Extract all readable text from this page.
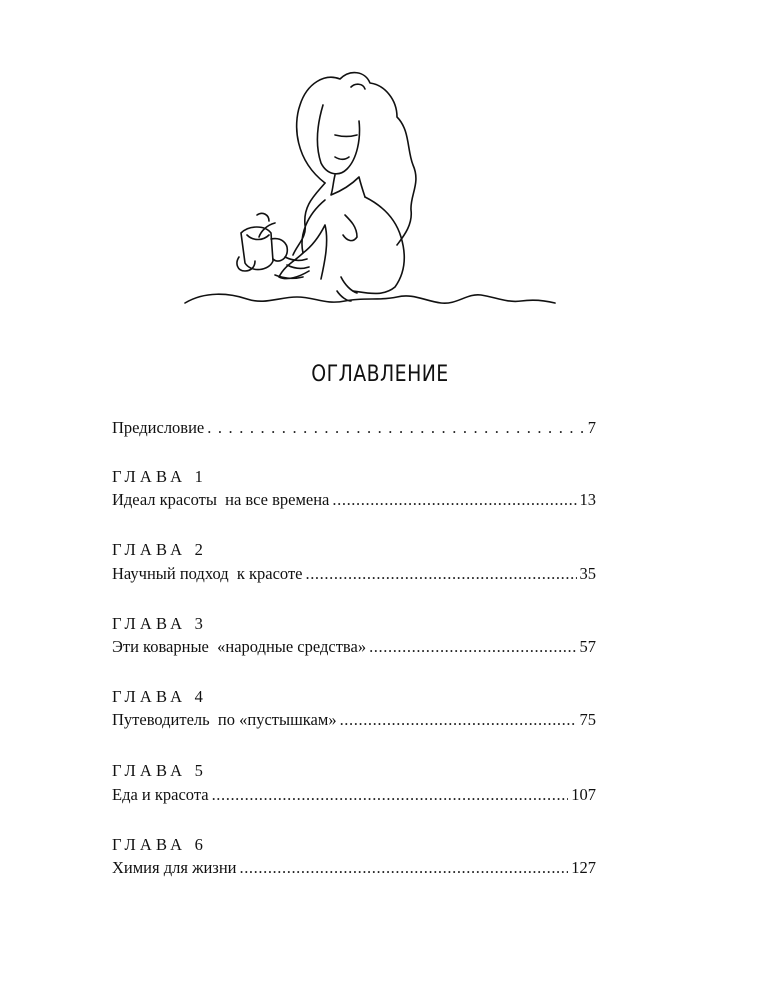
ОГЛАВЛЕНИЕ
Предисловие . . .	7
ГЛАВА 1
Идеал красоты  на все времена .....	13
ГЛАВА 2
Научный подход  к красоте .....	35
ГЛАВА 3
Эти коварные  «народные средства» .....	57
ГЛАВА 4
Путеводитель  по «пустышкам» .....	75
ГЛАВА 5
Еда и красота .....	107
ГЛАВА 6
Химия для жизни .....	127
